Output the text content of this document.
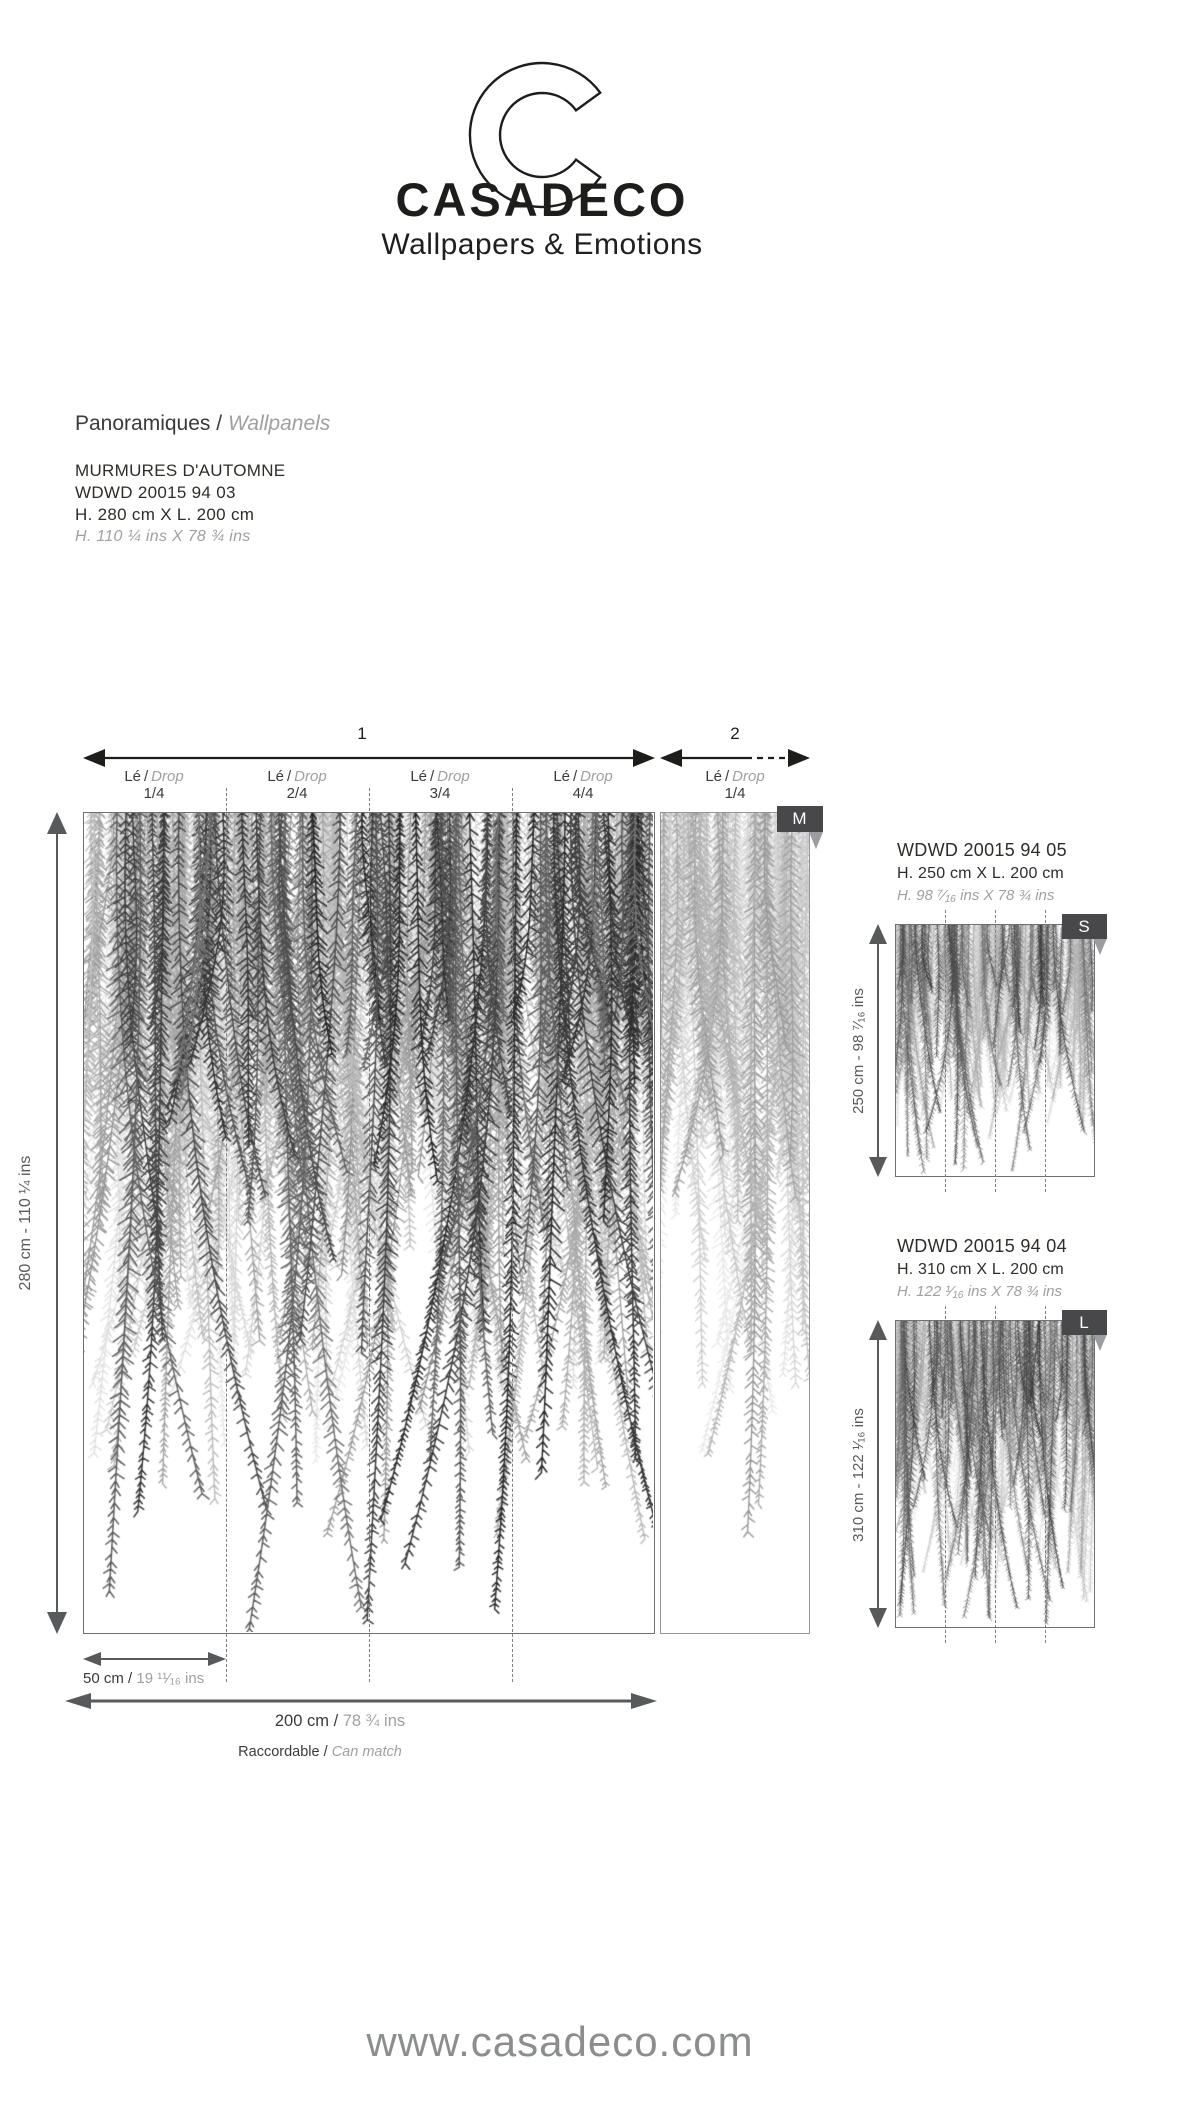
CASADECO
Wallpapers & Emotions
Panoramiques / Wallpanels
MURMURES D'AUTOMNE
WDWD 20015 94 03
H. 280 cm X L. 200 cm
H. 110 ¼ ins X 78 ¾ ins
1	2
Lé / Drop
1/4
Lé / Drop
2/4
Lé / Drop
3/4
Lé / Drop
4/4
Lé / Drop
1/4
M
280 cm - 110 ¼ ins
50 cm / 19 ¹¹⁄₁₆ ins
200 cm / 78 ¾ ins
Raccordable / Can match
WDWD 20015 94 05
H. 250 cm X L. 200 cm
H. 98 ⁷⁄₁₆ ins X 78 ¾ ins
S
250 cm - 98 ⁷⁄₁₆ ins
WDWD 20015 94 04
H. 310 cm X L. 200 cm
H. 122 ¹⁄₁₆ ins X 78 ¾ ins
L
310 cm - 122 ¹⁄₁₆ ins
www.casadeco.com
